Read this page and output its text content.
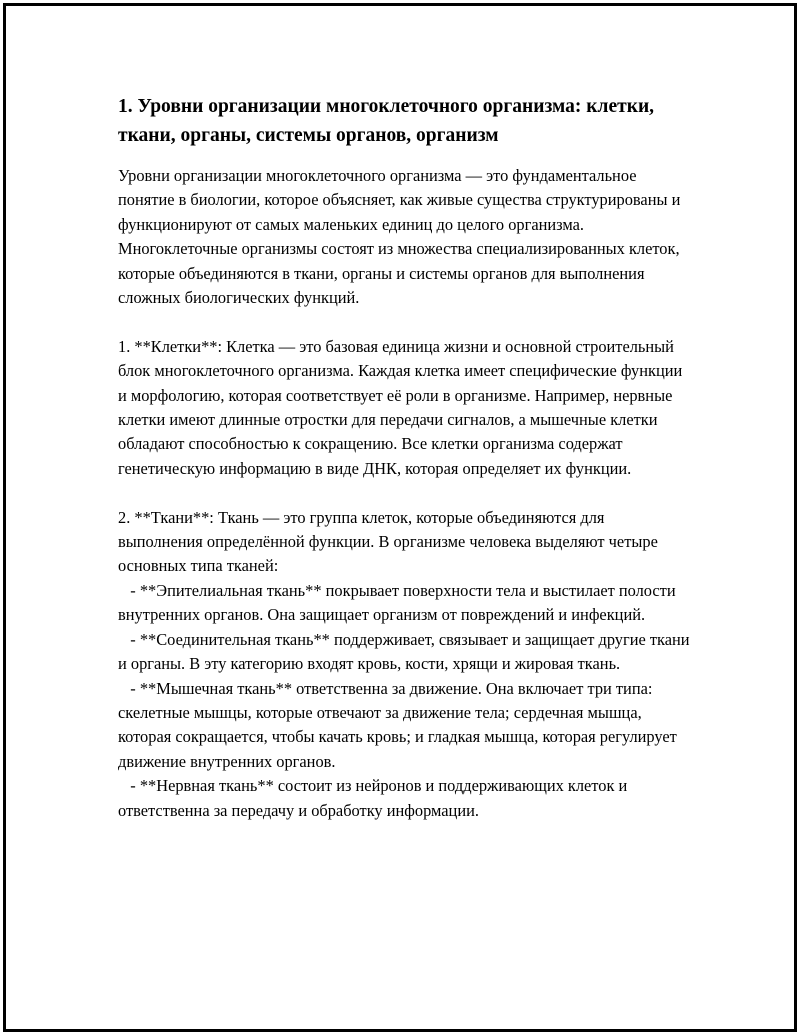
1. Уровни организации многоклеточного организма: клетки, ткани, органы, системы органов, организм

Уровни организации многоклеточного организма — это фундаментальное понятие в биологии, которое объясняет, как живые существа структурированы и функционируют от самых маленьких единиц до целого организма. Многоклеточные организмы состоят из множества специализированных клеток, которые объединяются в ткани, органы и системы органов для выполнения сложных биологических функций.

1. **Клетки**: Клетка — это базовая единица жизни и основной строительный блок многоклеточного организма. Каждая клетка имеет специфические функции и морфологию, которая соответствует её роли в организме. Например, нервные клетки имеют длинные отростки для передачи сигналов, а мышечные клетки обладают способностью к сокращению. Все клетки организма содержат генетическую информацию в виде ДНК, которая определяет их функции.

2. **Ткани**: Ткань — это группа клеток, которые объединяются для выполнения определённой функции. В организме человека выделяют четыре основных типа тканей:

- **Эпителиальная ткань** покрывает поверхности тела и выстилает полости внутренних органов. Она защищает организм от повреждений и инфекций.

- **Соединительная ткань** поддерживает, связывает и защищает другие ткани и органы. В эту категорию входят кровь, кости, хрящи и жировая ткань.

- **Мышечная ткань** ответственна за движение. Она включает три типа: скелетные мышцы, которые отвечают за движение тела; сердечная мышца, которая сокращается, чтобы качать кровь; и гладкая мышца, которая регулирует движение внутренних органов.

- **Нервная ткань** состоит из нейронов и поддерживающих клеток и ответственна за передачу и обработку информации.
